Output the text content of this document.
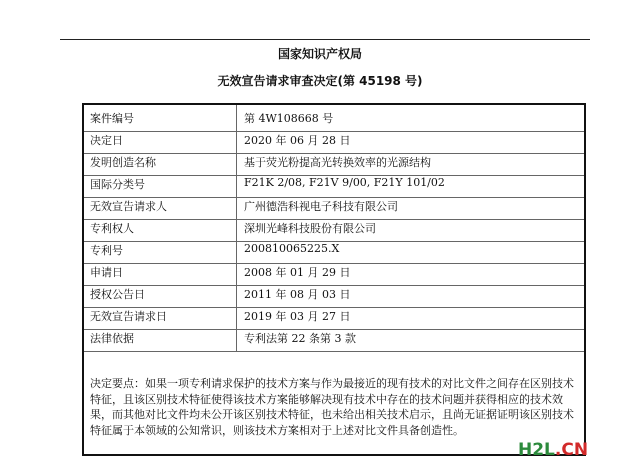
国家知识产权局
无效宣告请求审查决定(第 45198 号)
案件编号	第 4W108668 号
决定日	2020 年 06 月 28 日
发明创造名称	基于荧光粉提高光转换效率的光源结构
国际分类号	F21K 2/08, F21V 9/00, F21Y 101/02
无效宣告请求人	广州德浩科视电子科技有限公司
专利权人	深圳光峰科技股份有限公司
专利号	200810065225.X
申请日	2008 年 01 月 29 日
授权公告日	2011 年 08 月 03 日
无效宣告请求日	2019 年 03 月 27 日
法律依据	专利法第 22 条第 3 款
决定要点：如果一项专利请求保护的技术方案与作为最接近的现有技术的对比文件之间存在区别技术特征，且该区别技术特征使得该技术方案能够解决现有技术中存在的技术问题并获得相应的技术效果，而其他对比文件均未公开该区别技术特征，也未给出相关技术启示，且尚无证据证明该区别技术特征属于本领域的公知常识，则该技术方案相对于上述对比文件具备创造性。
H2L.CN
